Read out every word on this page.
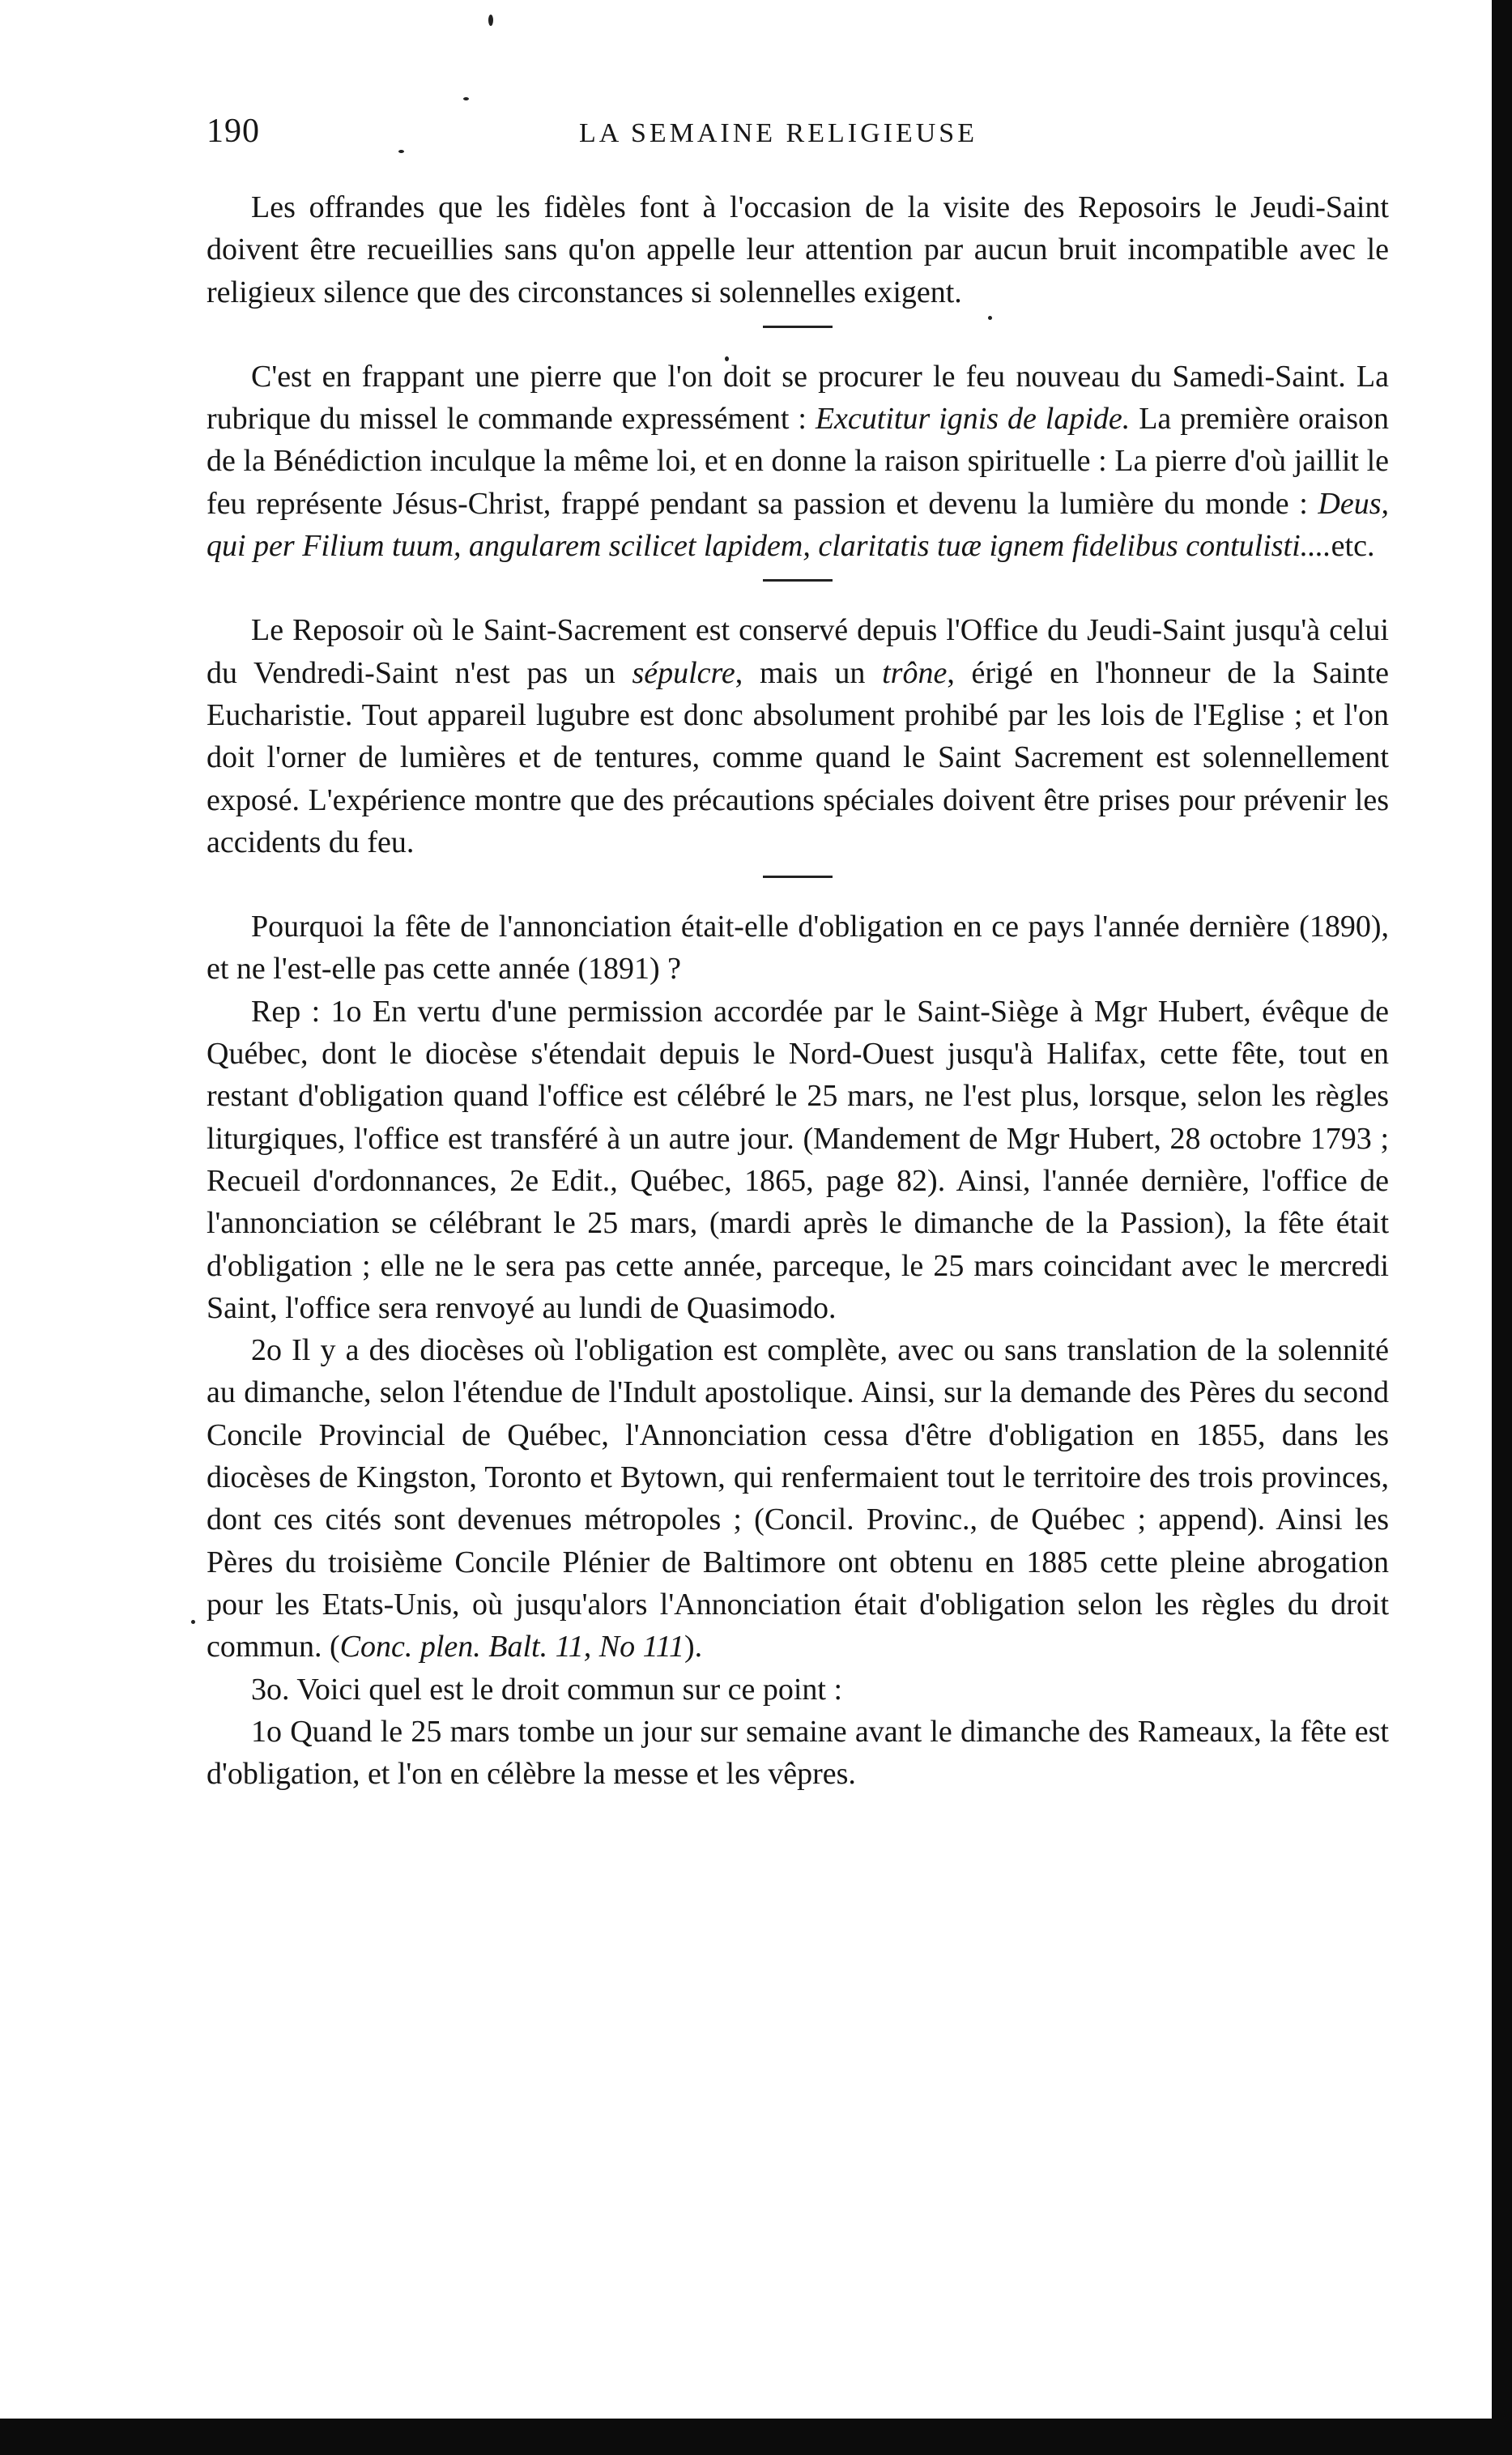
190	LA SEMAINE RELIGIEUSE

Les offrandes que les fidèles font à l'occasion de la visite des Reposoirs le Jeudi-Saint doivent être recueillies sans qu'on appelle leur attention par aucun bruit incompatible avec le religieux silence que des circonstances si solennelles exigent.

C'est en frappant une pierre que l'on doit se procurer le feu nouveau du Samedi-Saint. La rubrique du missel le commande expressément : Excutitur ignis de lapide. La première oraison de la Bénédiction inculque la même loi, et en donne la raison spirituelle : La pierre d'où jaillit le feu représente Jésus-Christ, frappé pendant sa passion et devenu la lumière du monde : Deus, qui per Filium tuum, angularem scilicet lapidem, claritatis tuæ ignem fidelibus contulisti....etc.

Le Reposoir où le Saint-Sacrement est conservé depuis l'Office du Jeudi-Saint jusqu'à celui du Vendredi-Saint n'est pas un sépulcre, mais un trône, érigé en l'honneur de la Sainte Eucharistie. Tout appareil lugubre est donc absolument prohibé par les lois de l'Eglise ; et l'on doit l'orner de lumières et de tentures, comme quand le Saint Sacrement est solennellement exposé. L'expérience montre que des précautions spéciales doivent être prises pour prévenir les accidents du feu.

Pourquoi la fête de l'annonciation était-elle d'obligation en ce pays l'année dernière (1890), et ne l'est-elle pas cette année (1891) ?

Rep : 1o En vertu d'une permission accordée par le Saint-Siège à Mgr Hubert, évêque de Québec, dont le diocèse s'étendait depuis le Nord-Ouest jusqu'à Halifax, cette fête, tout en restant d'obligation quand l'office est célébré le 25 mars, ne l'est plus, lorsque, selon les règles liturgiques, l'office est transféré à un autre jour. (Mandement de Mgr Hubert, 28 octobre 1793 ; Recueil d'ordonnances, 2e Edit., Québec, 1865, page 82). Ainsi, l'année dernière, l'office de l'annonciation se célébrant le 25 mars, (mardi après le dimanche de la Passion), la fête était d'obligation ; elle ne le sera pas cette année, parceque, le 25 mars coincidant avec le mercredi Saint, l'office sera renvoyé au lundi de Quasimodo.

2o Il y a des diocèses où l'obligation est complète, avec ou sans translation de la solennité au dimanche, selon l'étendue de l'Indult apostolique. Ainsi, sur la demande des Pères du second Concile Provincial de Québec, l'Annonciation cessa d'être d'obligation en 1855, dans les diocèses de Kingston, Toronto et Bytown, qui renfermaient tout le territoire des trois provinces, dont ces cités sont devenues métropoles ; (Concil. Provinc., de Québec ; append). Ainsi les Pères du troisième Concile Plénier de Baltimore ont obtenu en 1885 cette pleine abrogation pour les Etats-Unis, où jusqu'alors l'Annonciation était d'obligation selon les règles du droit commun. (Conc. plen. Balt. 11, No 111).

3o. Voici quel est le droit commun sur ce point :

1o Quand le 25 mars tombe un jour sur semaine avant le dimanche des Rameaux, la fête est d'obligation, et l'on en célèbre la messe et les vêpres.
